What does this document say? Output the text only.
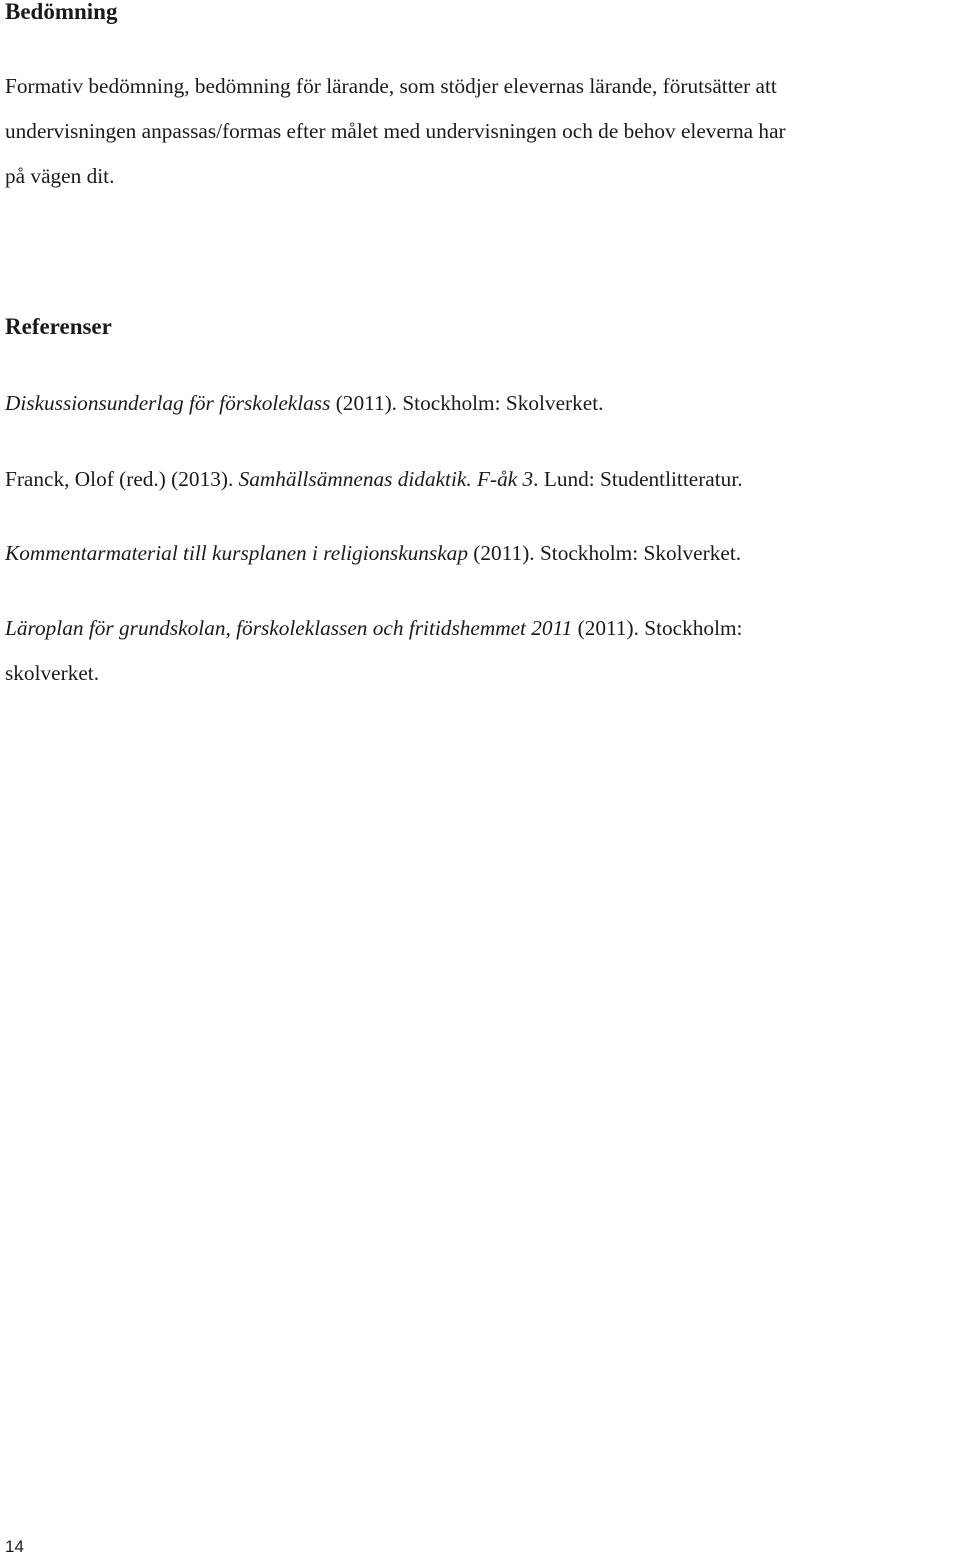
Bedömning

Formativ bedömning, bedömning för lärande, som stödjer elevernas lärande, förutsätter att
undervisningen anpassas/formas efter målet med undervisningen och de behov eleverna har
på vägen dit.

Referenser

Diskussionsunderlag för förskoleklass (2011). Stockholm: Skolverket.

Franck, Olof (red.) (2013). Samhällsämnenas didaktik. F-åk 3. Lund: Studentlitteratur.

Kommentarmaterial till kursplanen i religionskunskap (2011). Stockholm: Skolverket.

Läroplan för grundskolan, förskoleklassen och fritidshemmet 2011 (2011). Stockholm:
skolverket.

14
